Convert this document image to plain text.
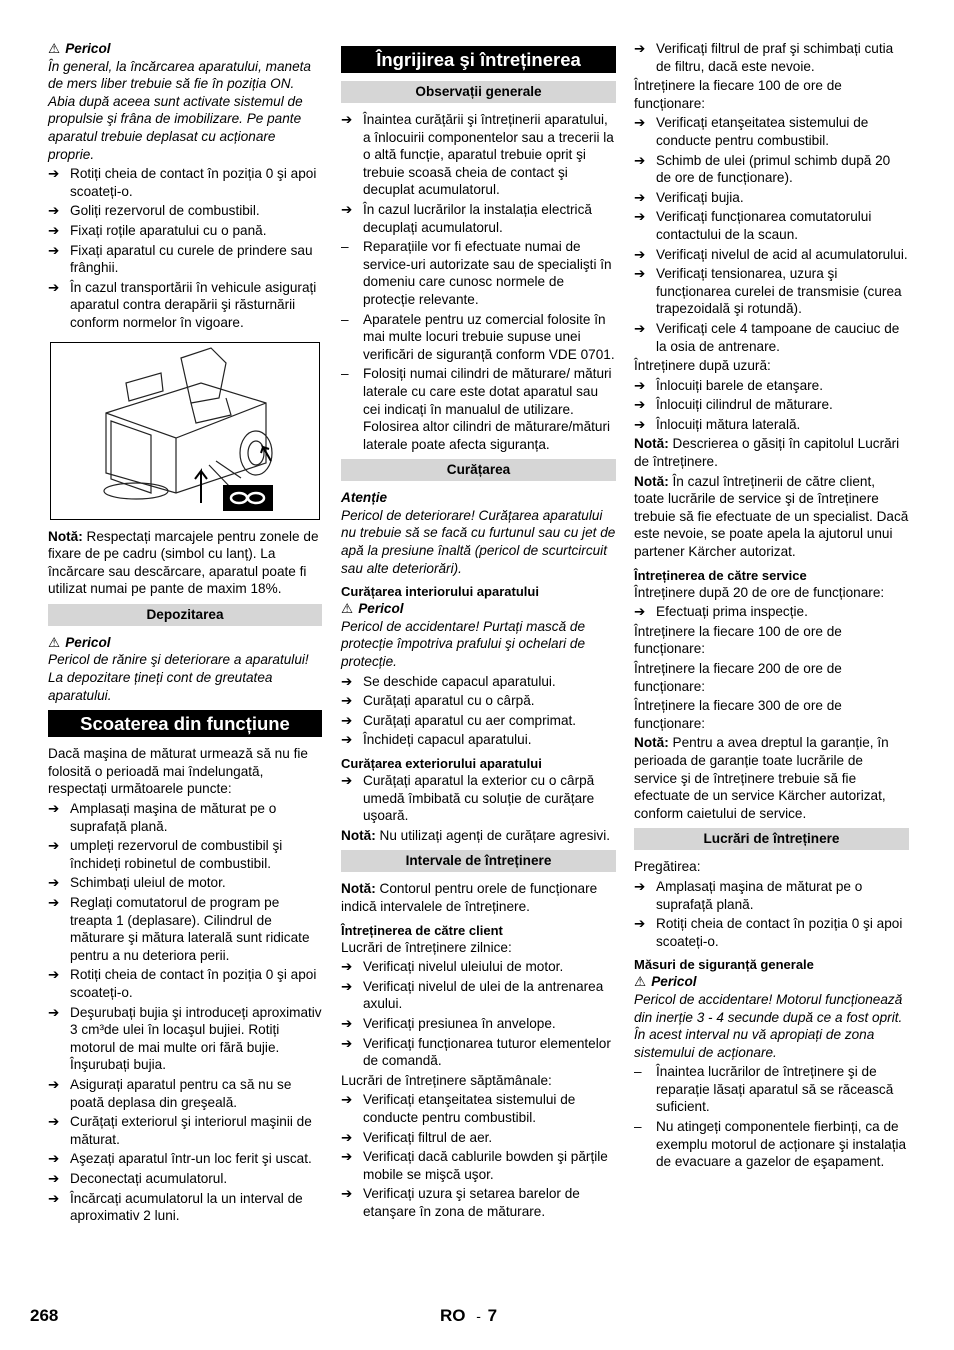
⚠ Pericol
În general, la încărcarea aparatului, maneta de mers liber trebuie să fie în poziția ON. Abia după aceea sunt activate sistemul de propulsie şi frâna de imobilizare. Pe pante aparatul trebuie deplasat cu acționare proprie.
➔ Rotiți cheia de contact în poziția 0 şi apoi scoateți-o.
➔ Goliți rezervorul de combustibil.
➔ Fixați roțile aparatului cu o pană.
➔ Fixați aparatul cu curele de prindere sau frânghii.
➔ În cazul transportării în vehicule asigurați aparatul contra derapării şi răsturnării conform normelor în vigoare.
Notă: Respectați marcajele pentru zonele de fixare de pe cadru (simbol cu lanț). La încărcare sau descărcare, aparatul poate fi utilizat numai pe pante de maxim 18%.
Depozitarea
⚠ Pericol
Pericol de rănire şi deteriorare a aparatului! La depozitare țineți cont de greutatea aparatului.
Scoaterea din funcțiune
Dacă maşina de măturat urmează să nu fie folosită o perioadă mai îndelungată, respectați următoarele puncte:
➔ Amplasați maşina de măturat pe o suprafață plană.
➔ umpleți rezervorul de combustibil şi închideți robinetul de combustibil.
➔ Schimbați uleiul de motor.
➔ Reglați comutatorul de program pe treapta 1 (deplasare). Cilindrul de măturare şi mătura laterală sunt ridicate pentru a nu deteriora perii.
➔ Rotiți cheia de contact în poziția 0 şi apoi scoateți-o.
➔ Deşurubați bujia şi introduceți aproximativ 3 cm³de ulei în locaşul bujiei. Rotiți motorul de mai multe ori fără bujie. Înşurubați bujia.
➔ Asigurați aparatul pentru ca să nu se poată deplasa din greşeală.
➔ Curățați exteriorul şi interiorul maşinii de măturat.
➔ Aşezați aparatul într-un loc ferit şi uscat.
➔ Deconectați acumulatorul.
➔ Încărcați acumulatorul la un interval de aproximativ 2 luni.
Îngrijirea şi întreținerea
Observații generale
➔ Înaintea curățării şi întreținerii aparatului, a înlocuirii componentelor sau a trecerii la o altă funcție, aparatul trebuie oprit şi trebuie scoasă cheia de contact şi decuplat acumulatorul.
➔ În cazul lucrărilor la instalația electrică decuplați acumulatorul.
–	Reparațiile vor fi efectuate numai de service-uri autorizate sau de specialişti în domeniu care cunosc normele de protecție relevante.
–	Aparatele pentru uz comercial folosite în mai multe locuri trebuie supuse unei verificări de siguranță conform VDE 0701.
–	Folosiți numai cilindri de măturare/ mături laterale cu care este dotat aparatul sau cei indicați în manualul de utilizare. Folosirea altor cilindri de măturare/mături laterale poate afecta siguranța.
Curățarea
Atenție
Pericol de deteriorare! Curățarea aparatului nu trebuie să se facă cu furtunul sau cu jet de apă la presiune înaltă (pericol de scurtcircuit sau alte deteriorări).
Curățarea interiorului aparatului
⚠ Pericol
Pericol de accidentare! Purtați mască de protecție împotriva prafului şi ochelari de protecție.
➔ Se deschide capacul aparatului.
➔ Curățați aparatul cu o cârpă.
➔ Curățați aparatul cu aer comprimat.
➔ Închideți capacul aparatului.
Curățarea exteriorului aparatului
➔ Curățați aparatul la exterior cu o cârpă umedă îmbibată cu soluție de curățare uşoară.
Notă: Nu utilizați agenți de curățare agresivi.
Intervale de întreținere
Notă: Contorul pentru orele de funcționare indică intervalele de întreținere.
Întreținerea de către client
Lucrări de întreținere zilnice:
➔ Verificați nivelul uleiului de motor.
➔ Verificați nivelul de ulei de la antrenarea axului.
➔ Verificați presiunea în anvelope.
➔ Verificați funcționarea tuturor elementelor de comandă.
Lucrări de întreținere săptămânale:
➔ Verificați etanşeitatea sistemului de conducte pentru combustibil.
➔ Verificați filtrul de aer.
➔ Verificați dacă cablurile bowden şi părțile mobile se mişcă uşor.
➔ Verificați uzura şi setarea barelor de etanşare în zona de măturare.
➔ Verificați filtrul de praf şi schimbați cutia de filtru, dacă este nevoie.
Întreținere la fiecare 100 de ore de funcționare:
➔ Verificați etanşeitatea sistemului de conducte pentru combustibil.
➔ Schimb de ulei (primul schimb după 20 de ore de funcționare).
➔ Verificați bujia.
➔ Verificați funcționarea comutatorului contactului de la scaun.
➔ Verificați nivelul de acid al acumulatorului.
➔ Verificați tensionarea, uzura şi funcționarea curelei de transmisie (curea trapezoidală şi rotundă).
➔ Verificați cele 4 tampoane de cauciuc de la osia de antrenare.
Întreținere după uzură:
➔ Înlocuiți barele de etanşare.
➔ Înlocuiți cilindrul de măturare.
➔ Înlocuiți mătura laterală.
Notă: Descrierea o găsiți în capitolul Lucrări de întreținere.
Notă: În cazul întreținerii de către client, toate lucrările de service şi de întreținere trebuie să fie efectuate de un specialist. Dacă este nevoie, se poate apela la ajutorul unui partener Kärcher autorizat.
Întreținerea de către service
Întreținere după 20 de ore de funcționare:
➔ Efectuați prima inspecție.
Întreținere la fiecare 100 de ore de funcționare:
Întreținere la fiecare 200 de ore de funcționare:
Întreținere la fiecare 300 de ore de funcționare:
Notă: Pentru a avea dreptul la garanție, în perioada de garanție toate lucrările de service şi de întreținere trebuie să fie efectuate de un service Kärcher autorizat, conform caietului de service.
Lucrări de întreținere
Pregătirea:
➔ Amplasați maşina de măturat pe o suprafață plană.
➔ Rotiți cheia de contact în poziția 0 şi apoi scoateți-o.
Măsuri de siguranță generale
⚠ Pericol
Pericol de accidentare! Motorul funcționează din inerție 3 - 4 secunde după ce a fost oprit. În acest interval nu vă apropiați de zona sistemului de acționare.
–	Înaintea lucrărilor de întreținere şi de reparație lăsați aparatul să se răcească suficient.
–	Nu atingeți componentele fierbinți, ca de exemplu motorul de acționare şi instalația de evacuare a gazelor de eşapament.
268	RO - 7
